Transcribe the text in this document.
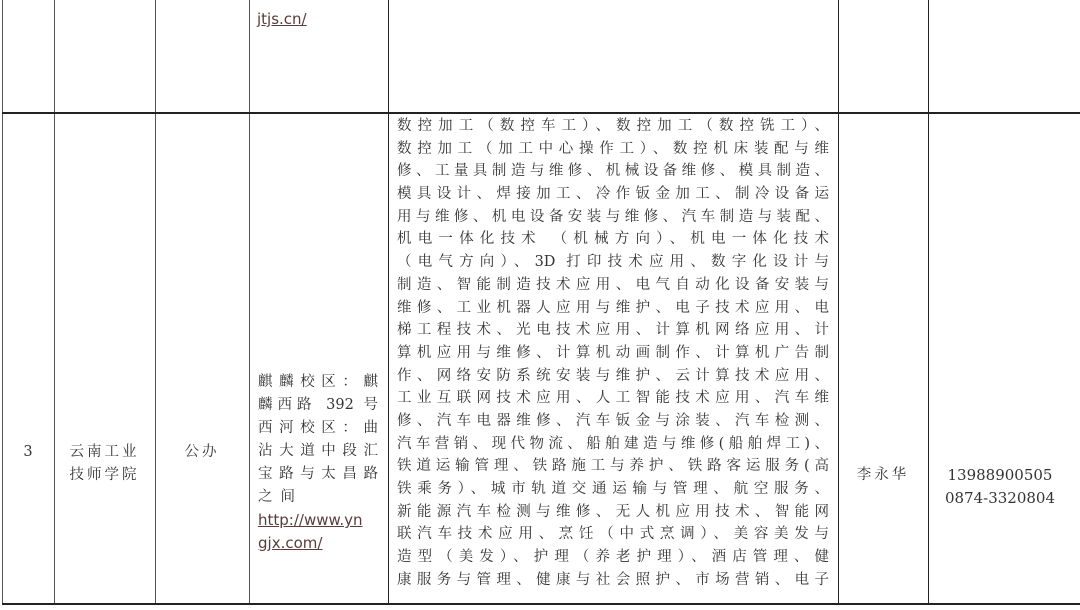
jtjs.cn/
3	云南工业
技师学院
公办
麒麟校区：麒
麟西路 392 号
西河校区：曲
沾大道中段汇
宝路与太昌路
之间
http://www.yn
gjx.com/
数控加工（数控车工）、数控加工（数控铣工）、
数控加工（加工中心操作工）、数控机床装配与维
修、工量具制造与维修、机械设备维修、模具制造、
模具设计、焊接加工、冷作钣金加工、制冷设备运
用与维修、机电设备安装与维修、汽车制造与装配、
机电一体化技术 （机械方向）、机电一体化技术
（电气方向）、3D 打印技术应用、数字化设计与
制造、智能制造技术应用、电气自动化设备安装与
维修、工业机器人应用与维护、电子技术应用、电
梯工程技术、光电技术应用、计算机网络应用、计
算机应用与维修、计算机动画制作、计算机广告制
作、网络安防系统安装与维护、云计算技术应用、
工业互联网技术应用、人工智能技术应用、汽车维
修、汽车电器维修、汽车钣金与涂装、汽车检测、
汽车营销、现代物流、船舶建造与维修(船舶焊工)、
铁道运输管理、铁路施工与养护、铁路客运服务(高
铁乘务）、城市轨道交通运输与管理、航空服务、
新能源汽车检测与维修、无人机应用技术、智能网
联汽车技术应用、烹饪（中式烹调）、美容美发与
造型（美发）、护理（养老护理）、酒店管理、健
康服务与管理、健康与社会照护、市场营销、电子
李永华	13988900505
0874-3320804
